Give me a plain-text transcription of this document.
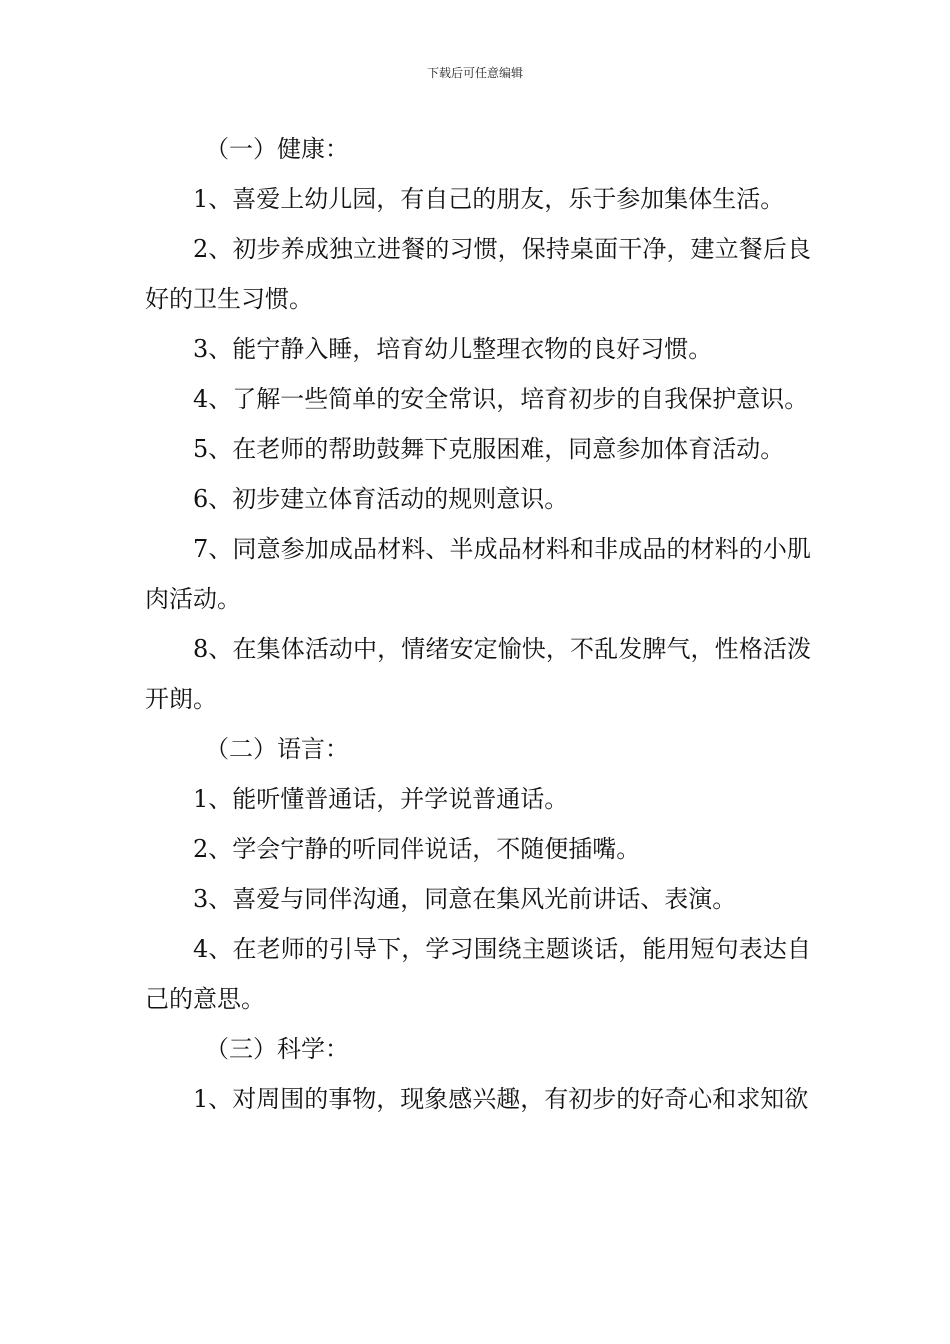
下载后可任意编辑

（一）健康：

1、喜爱上幼儿园，有自己的朋友，乐于参加集体生活。

2、初步养成独立进餐的习惯，保持桌面干净，建立餐后良好的卫生习惯。

3、能宁静入睡，培育幼儿整理衣物的良好习惯。

4、了解一些简单的安全常识，培育初步的自我保护意识。

5、在老师的帮助鼓舞下克服困难，同意参加体育活动。

6、初步建立体育活动的规则意识。

7、同意参加成品材料、半成品材料和非成品的材料的小肌肉活动。

8、在集体活动中，情绪安定愉快，不乱发脾气，性格活泼开朗。

（二）语言：

1、能听懂普通话，并学说普通话。

2、学会宁静的听同伴说话，不随便插嘴。

3、喜爱与同伴沟通，同意在集风光前讲话、表演。

4、在老师的引导下，学习围绕主题谈话，能用短句表达自己的意思。

（三）科学：

1、对周围的事物，现象感兴趣，有初步的好奇心和求知欲
